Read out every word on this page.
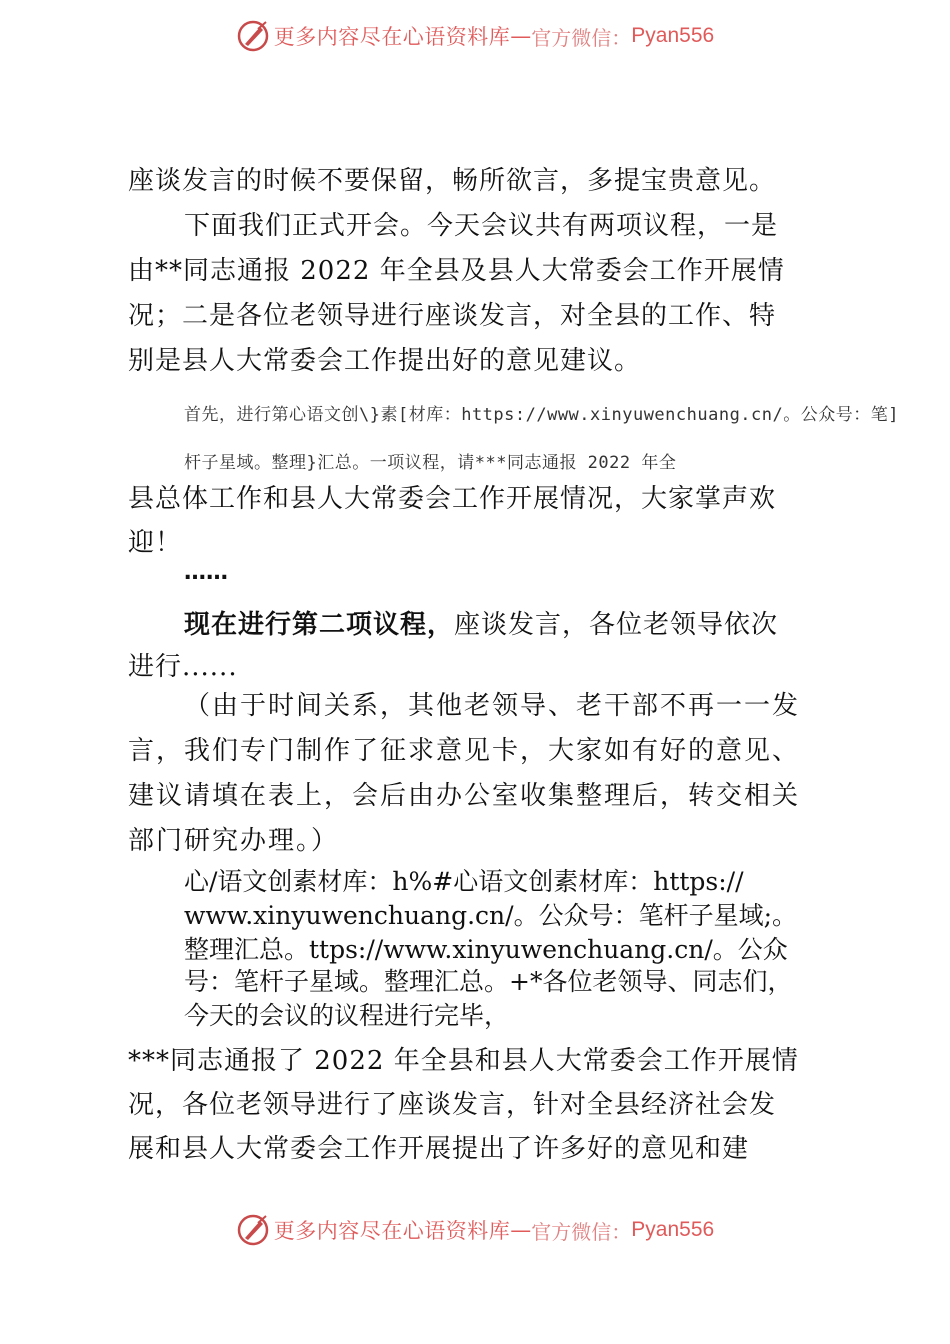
更多内容尽在心语资料库 — 官方微信： Pyan556
座谈发言的时候不要保留，畅所欲言，多提宝贵意见。
下面我们正式开会。今天会议共有两项议程，一是
由**同志通报 2022 年全县及县人大常委会工作开展情
况；二是各位老领导进行座谈发言，对全县的工作、特
别是县人大常委会工作提出好的意见建议。
首先，进行第心语文创\}素[材库：https://www.xinyuwenchuang.cn/。公众号：笔]
杆子星域。整理}汇总。一项议程，请***同志通报 2022 年全
县总体工作和县人大常委会工作开展情况，大家掌声欢
迎！
……
现在进行第二项议程，座谈发言，各位老领导依次
进行......
（由于时间关系，其他老领导、老干部不再一一发
言，我们专门制作了征求意见卡，大家如有好的意见、
建议请填在表上，会后由办公室收集整理后，转交相关
部门研究办理。）
心/语文创素材库：h%#心语文创素材库：https://
www.xinyuwenchuang.cn/。公众号：笔杆子星域;。
整理汇总。ttps://www.xinyuwenchuang.cn/。公众
号：笔杆子星域。整理汇总。+*各位老领导、同志们，
今天的会议的议程进行完毕，
***同志通报了 2022 年全县和县人大常委会工作开展情
况，各位老领导进行了座谈发言，针对全县经济社会发
展和县人大常委会工作开展提出了许多好的意见和建
更多内容尽在心语资料库 — 官方微信： Pyan556
